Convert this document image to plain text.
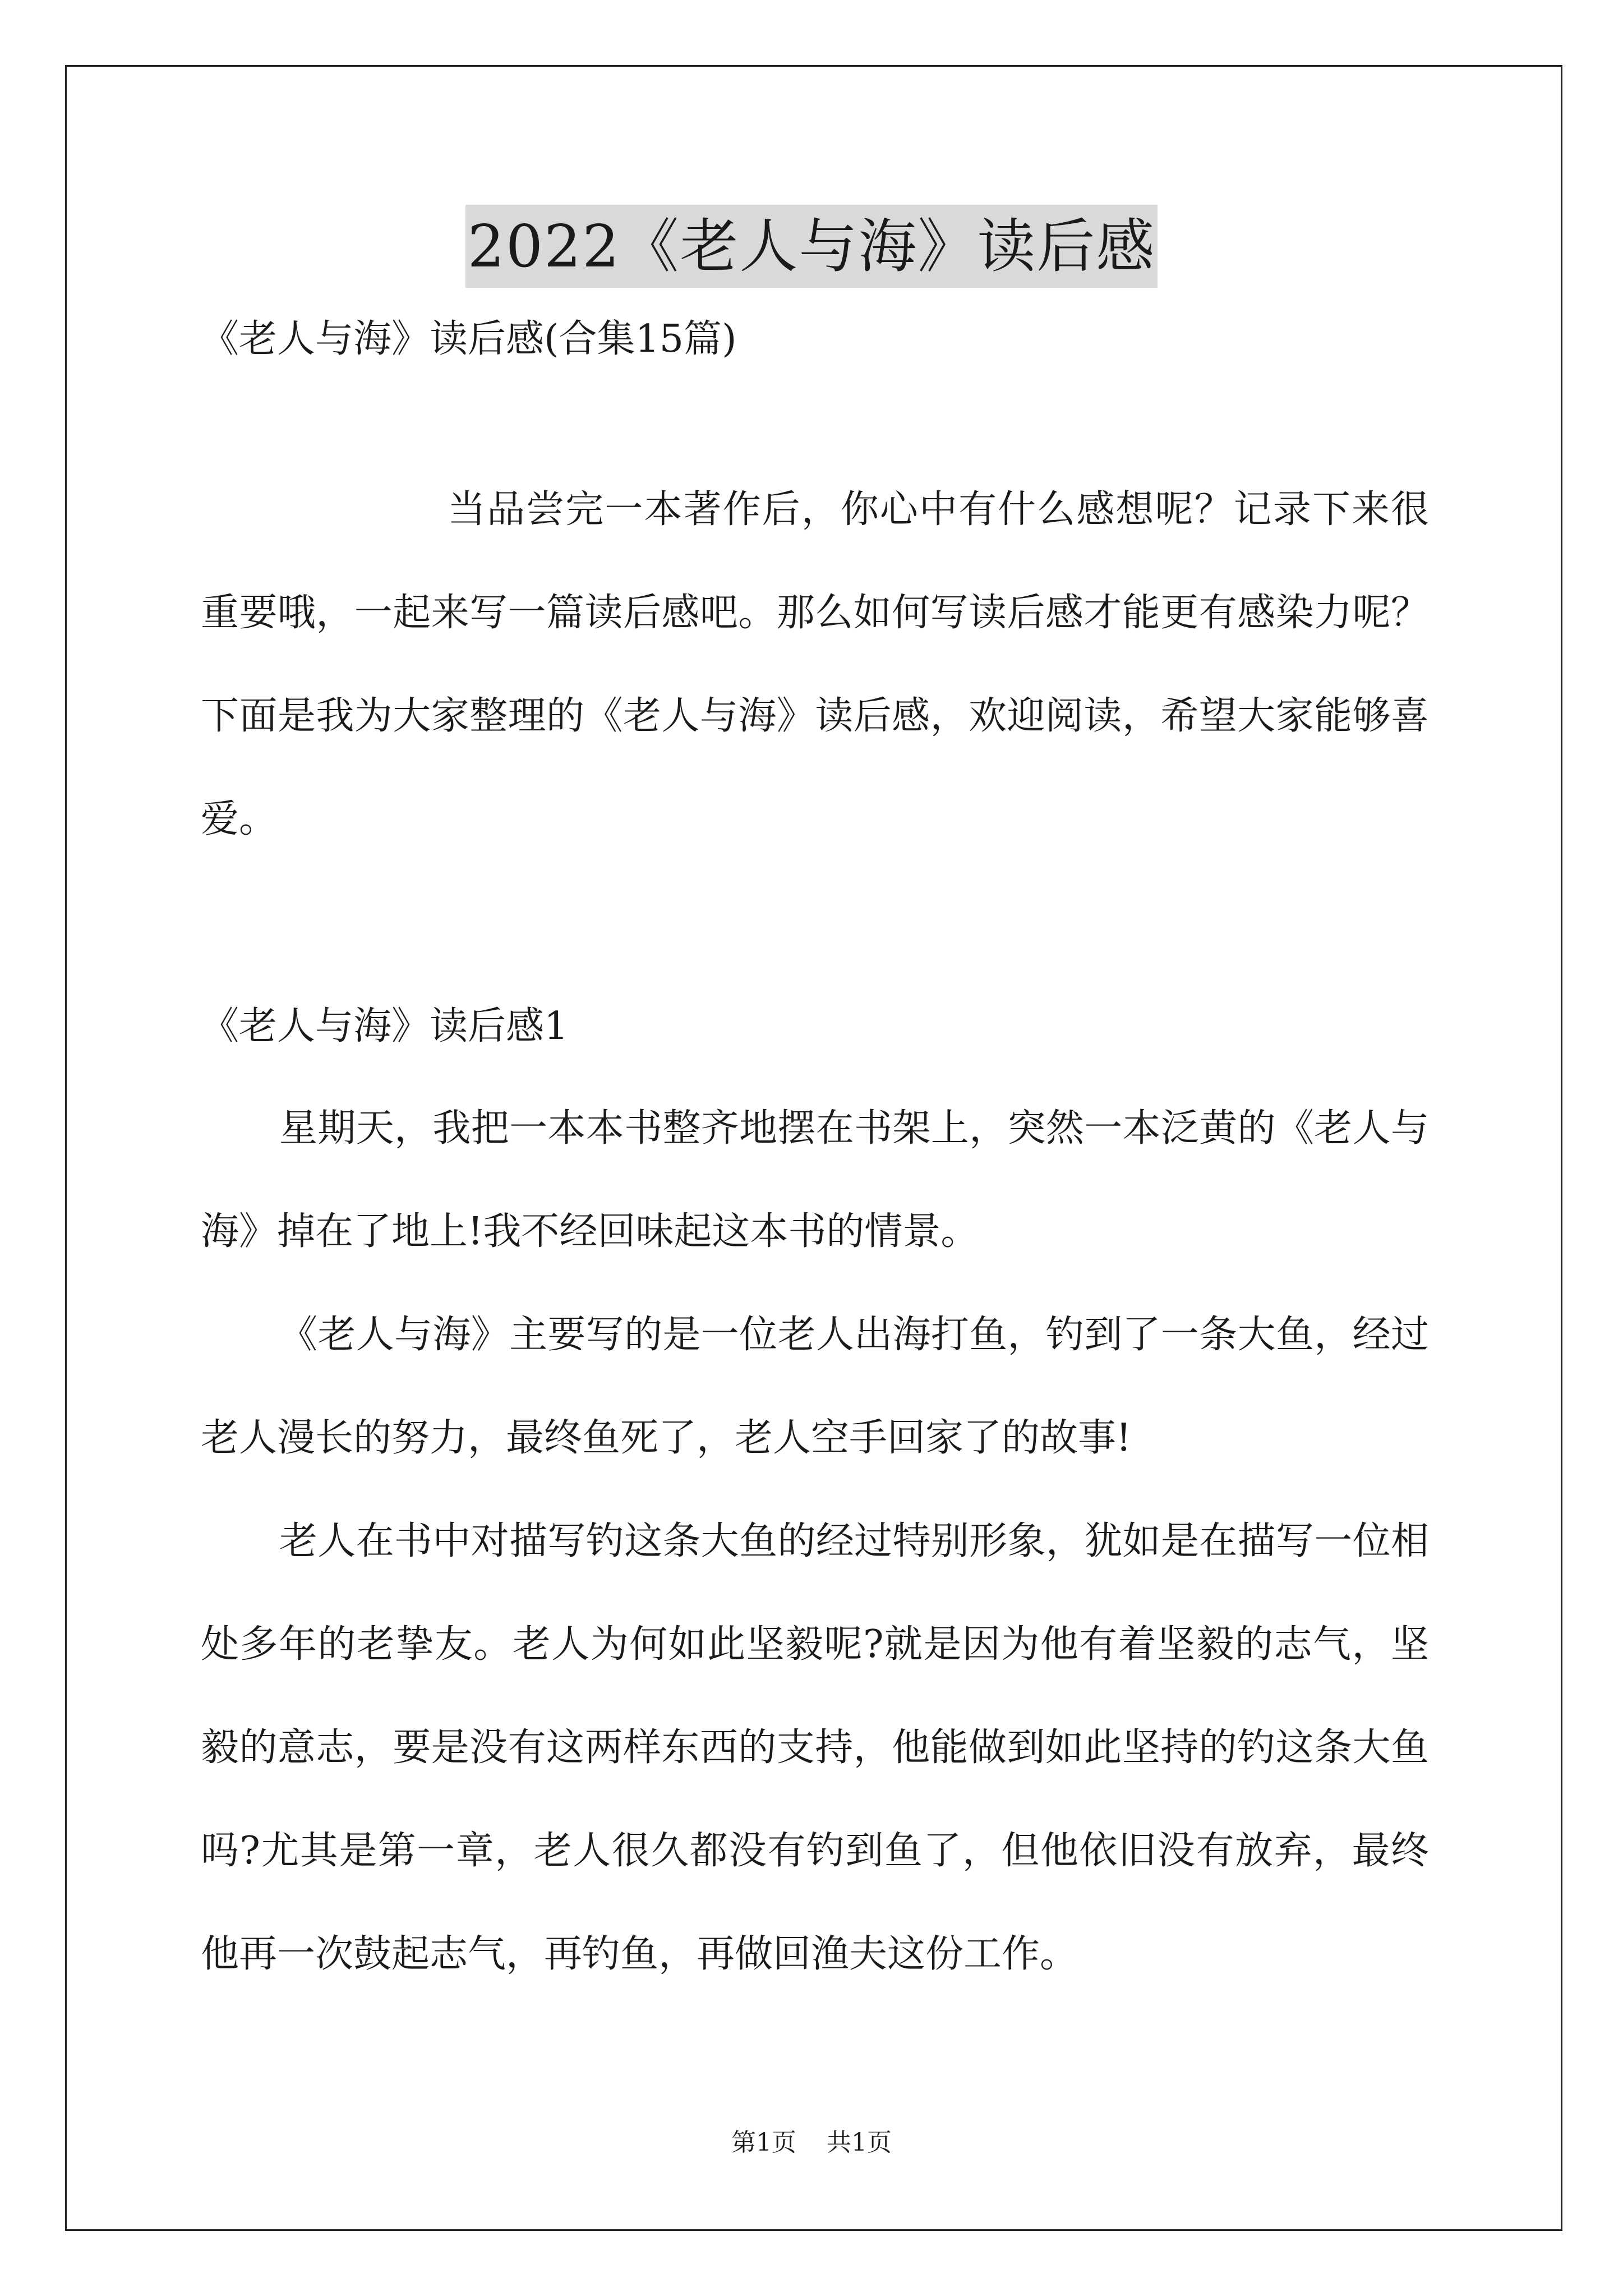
2022《老人与海》读后感
《老人与海》读后感(合集15篇)
当品尝完一本著作后，你心中有什么感想呢？记录下来很重要哦，一起来写一篇读后感吧。那么如何写读后感才能更有感染力呢？下面是我为大家整理的《老人与海》读后感，欢迎阅读，希望大家能够喜爱。
《老人与海》读后感1

星期天，我把一本本书整齐地摆在书架上，突然一本泛黄的《老人与海》掉在了地上!我不经回味起这本书的情景。

《老人与海》主要写的是一位老人出海打鱼，钓到了一条大鱼，经过老人漫长的努力，最终鱼死了，老人空手回家了的故事!

老人在书中对描写钓这条大鱼的经过特别形象，犹如是在描写一位相处多年的老挚友。老人为何如此坚毅呢?就是因为他有着坚毅的志气，坚毅的意志，要是没有这两样东西的支持，他能做到如此坚持的钓这条大鱼吗?尤其是第一章，老人很久都没有钓到鱼了，但他依旧没有放弃，最终他再一次鼓起志气，再钓鱼，再做回渔夫这份工作。

第1页 共1页
